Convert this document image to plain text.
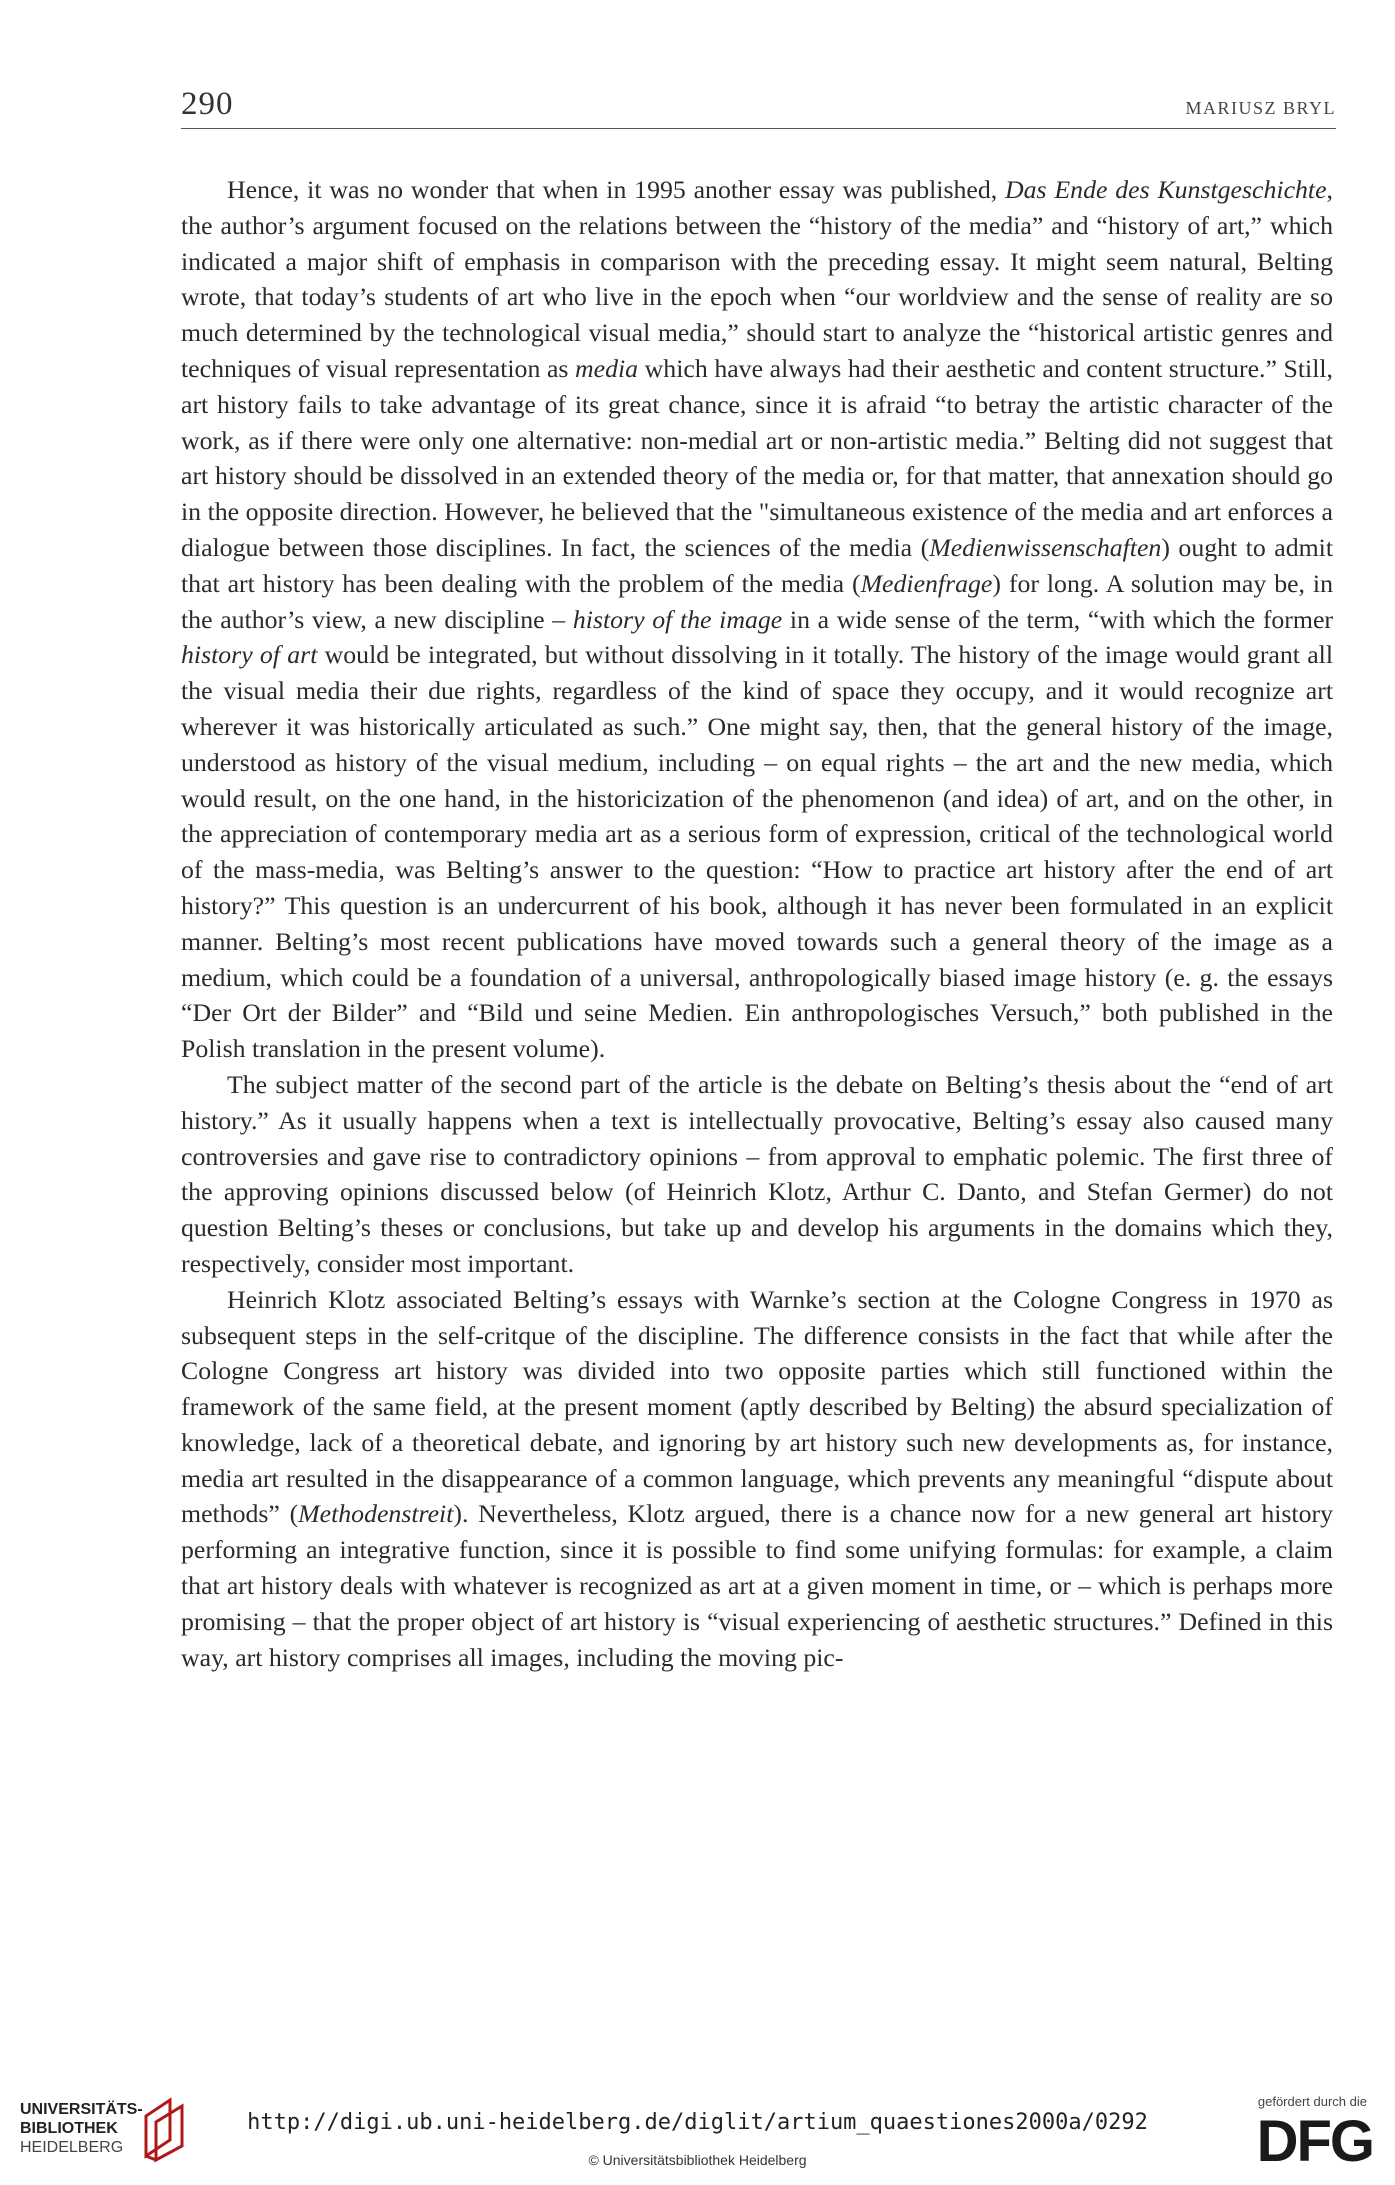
290	MARIUSZ BRYL

Hence, it was no wonder that when in 1995 another essay was published, Das Ende des Kunstgeschichte, the author’s argument focused on the relations between the “history of the media” and “history of art,” which indicated a major shift of emphasis in comparison with the preceding essay. It might seem natural, Belting wrote, that today’s students of art who live in the epoch when “our worldview and the sense of reality are so much determined by the technological visual media,” should start to analyze the “historical artistic genres and techniques of visual representation as media which have always had their aesthetic and content structure.” Still, art history fails to take advantage of its great chance, since it is afraid “to betray the artistic character of the work, as if there were only one alternative: non-medial art or non-artistic media.” Belting did not suggest that art history should be dissolved in an extended theory of the media or, for that matter, that annexation should go in the opposite direction. However, he believed that the "simultaneous existence of the media and art enforces a dialogue between those disciplines. In fact, the sciences of the media (Medienwissenschaften) ought to admit that art history has been dealing with the problem of the media (Medienfrage) for long. A solution may be, in the author’s view, a new discipline – history of the image in a wide sense of the term, “with which the former history of art would be integrated, but without dissolving in it totally. The history of the image would grant all the visual media their due rights, regardless of the kind of space they occupy, and it would recognize art wherever it was historically articulated as such.” One might say, then, that the general history of the image, understood as history of the visual medium, including – on equal rights – the art and the new media, which would result, on the one hand, in the historicization of the phenomenon (and idea) of art, and on the other, in the appreciation of contemporary media art as a serious form of expression, critical of the technological world of the mass-media, was Belting’s answer to the question: “How to practice art history after the end of art history?” This question is an undercurrent of his book, although it has never been formulated in an explicit manner. Belting’s most recent publications have moved towards such a general theory of the image as a medium, which could be a foundation of a universal, anthropologically biased image history (e. g. the essays “Der Ort der Bilder” and “Bild und seine Medien. Ein anthropologisches Versuch,” both published in the Polish translation in the present volume).

The subject matter of the second part of the article is the debate on Belting’s thesis about the “end of art history.” As it usually happens when a text is intellectually provocative, Belting’s essay also caused many controversies and gave rise to contradictory opinions – from approval to emphatic polemic. The first three of the approving opinions discussed below (of Heinrich Klotz, Arthur C. Danto, and Stefan Germer) do not question Belting’s theses or conclusions, but take up and develop his arguments in the domains which they, respectively, consider most important.

Heinrich Klotz associated Belting’s essays with Warnke’s section at the Cologne Congress in 1970 as subsequent steps in the self-critque of the discipline. The difference consists in the fact that while after the Cologne Congress art history was divided into two opposite parties which still functioned within the framework of the same field, at the present moment (aptly described by Belting) the absurd specialization of knowledge, lack of a theoretical debate, and ignoring by art history such new developments as, for instance, media art resulted in the disappearance of a common language, which prevents any meaningful “dispute about methods” (Methodenstreit). Nevertheless, Klotz argued, there is a chance now for a new general art history performing an integrative function, since it is possible to find some unifying formulas: for example, a claim that art history deals with whatever is recognized as art at a given moment in time, or – which is perhaps more promising – that the proper object of art history is “visual experiencing of aesthetic structures.” Defined in this way, art history comprises all images, including the moving pic-

UNIVERSITÄTS-
BIBLIOTHEK
HEIDELBERG
http://digi.ub.uni-heidelberg.de/diglit/artium_quaestiones2000a/0292
© Universitätsbibliothek Heidelberg
gefördert durch die
DFG
